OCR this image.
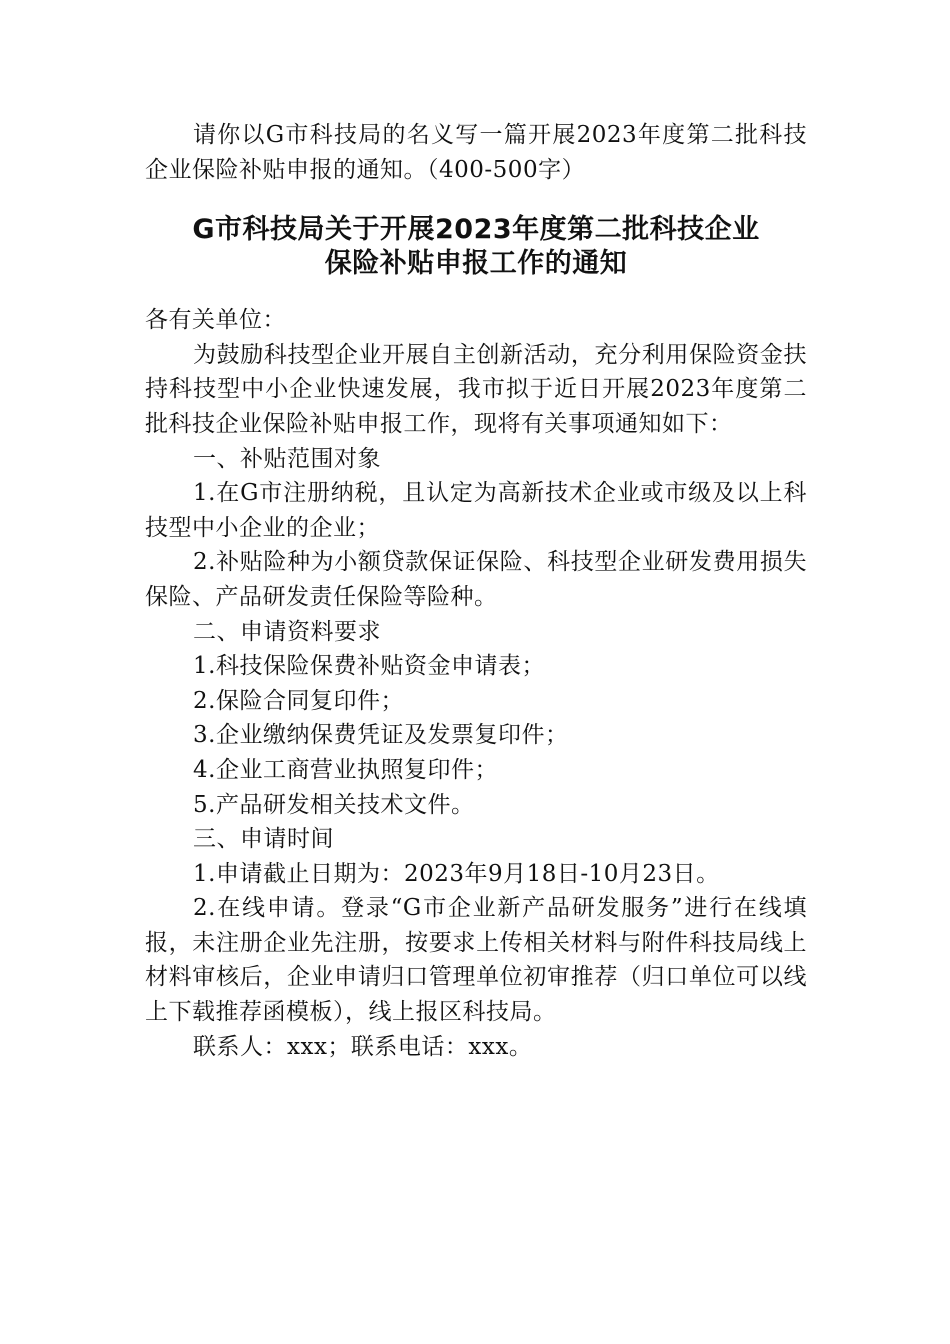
请你以G市科技局的名义写一篇开展2023年度第二批科技企业保险补贴申报的通知。（400-500字）

G市科技局关于开展2023年度第二批科技企业
保险补贴申报工作的通知

各有关单位：

为鼓励科技型企业开展自主创新活动，充分利用保险资金扶持科技型中小企业快速发展，我市拟于近日开展2023年度第二批科技企业保险补贴申报工作，现将有关事项通知如下：

一、补贴范围对象

1.在G市注册纳税，且认定为高新技术企业或市级及以上科技型中小企业的企业；

2.补贴险种为小额贷款保证保险、科技型企业研发费用损失保险、产品研发责任保险等险种。

二、申请资料要求

1.科技保险保费补贴资金申请表；

2.保险合同复印件；

3.企业缴纳保费凭证及发票复印件；

4.企业工商营业执照复印件；

5.产品研发相关技术文件。

三、申请时间

1.申请截止日期为：2023年9月18日-10月23日。

2.在线申请。登录“G市企业新产品研发服务”进行在线填报，未注册企业先注册，按要求上传相关材料与附件科技局线上材料审核后，企业申请归口管理单位初审推荐（归口单位可以线上下载推荐函模板），线上报区科技局。

联系人：xxx；联系电话：xxx。
